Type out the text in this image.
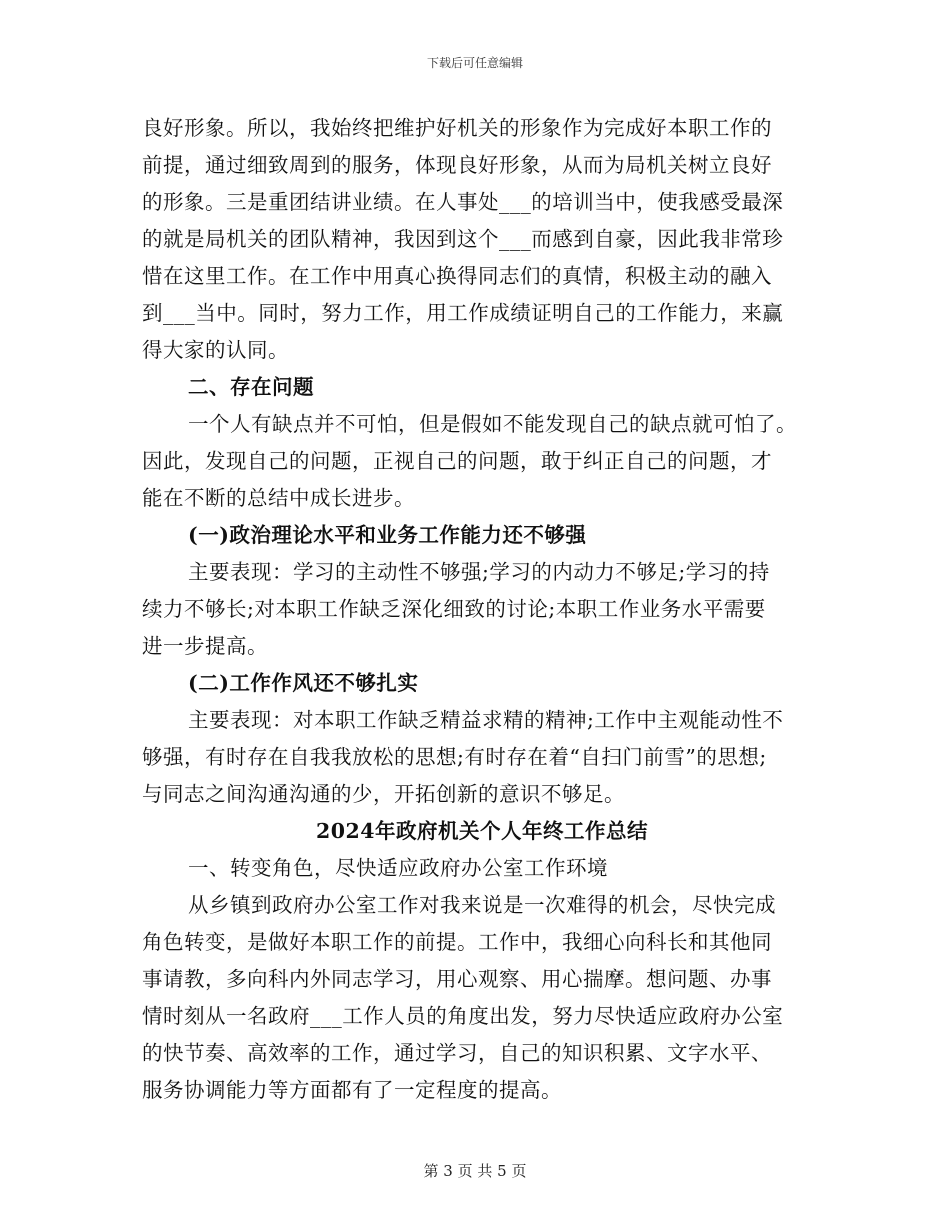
下载后可任意编辑
良好形象。所以，我始终把维护好机关的形象作为完成好本职工作的
前提，通过细致周到的服务，体现良好形象，从而为局机关树立良好
的形象。三是重团结讲业绩。在人事处___的培训当中，使我感受最深
的就是局机关的团队精神，我因到这个___而感到自豪，因此我非常珍
惜在这里工作。在工作中用真心换得同志们的真情，积极主动的融入
到___当中。同时，努力工作，用工作成绩证明自己的工作能力，来赢
得大家的认同。
二、存在问题
一个人有缺点并不可怕，但是假如不能发现自己的缺点就可怕了。
因此，发现自己的问题，正视自己的问题，敢于纠正自己的问题，才
能在不断的总结中成长进步。
(一)政治理论水平和业务工作能力还不够强
主要表现：学习的主动性不够强;学习的内动力不够足;学习的持
续力不够长;对本职工作缺乏深化细致的讨论;本职工作业务水平需要
进一步提高。
(二)工作作风还不够扎实
主要表现：对本职工作缺乏精益求精的精神;工作中主观能动性不
够强，有时存在自我我放松的思想;有时存在着“自扫门前雪”的思想;
与同志之间沟通沟通的少，开拓创新的意识不够足。
2024年政府机关个人年终工作总结
一、转变角色，尽快适应政府办公室工作环境
从乡镇到政府办公室工作对我来说是一次难得的机会，尽快完成
角色转变，是做好本职工作的前提。工作中，我细心向科长和其他同
事请教，多向科内外同志学习，用心观察、用心揣摩。想问题、办事
情时刻从一名政府___工作人员的角度出发，努力尽快适应政府办公室
的快节奏、高效率的工作，通过学习，自己的知识积累、文字水平、
服务协调能力等方面都有了一定程度的提高。
第 3 页 共 5 页
